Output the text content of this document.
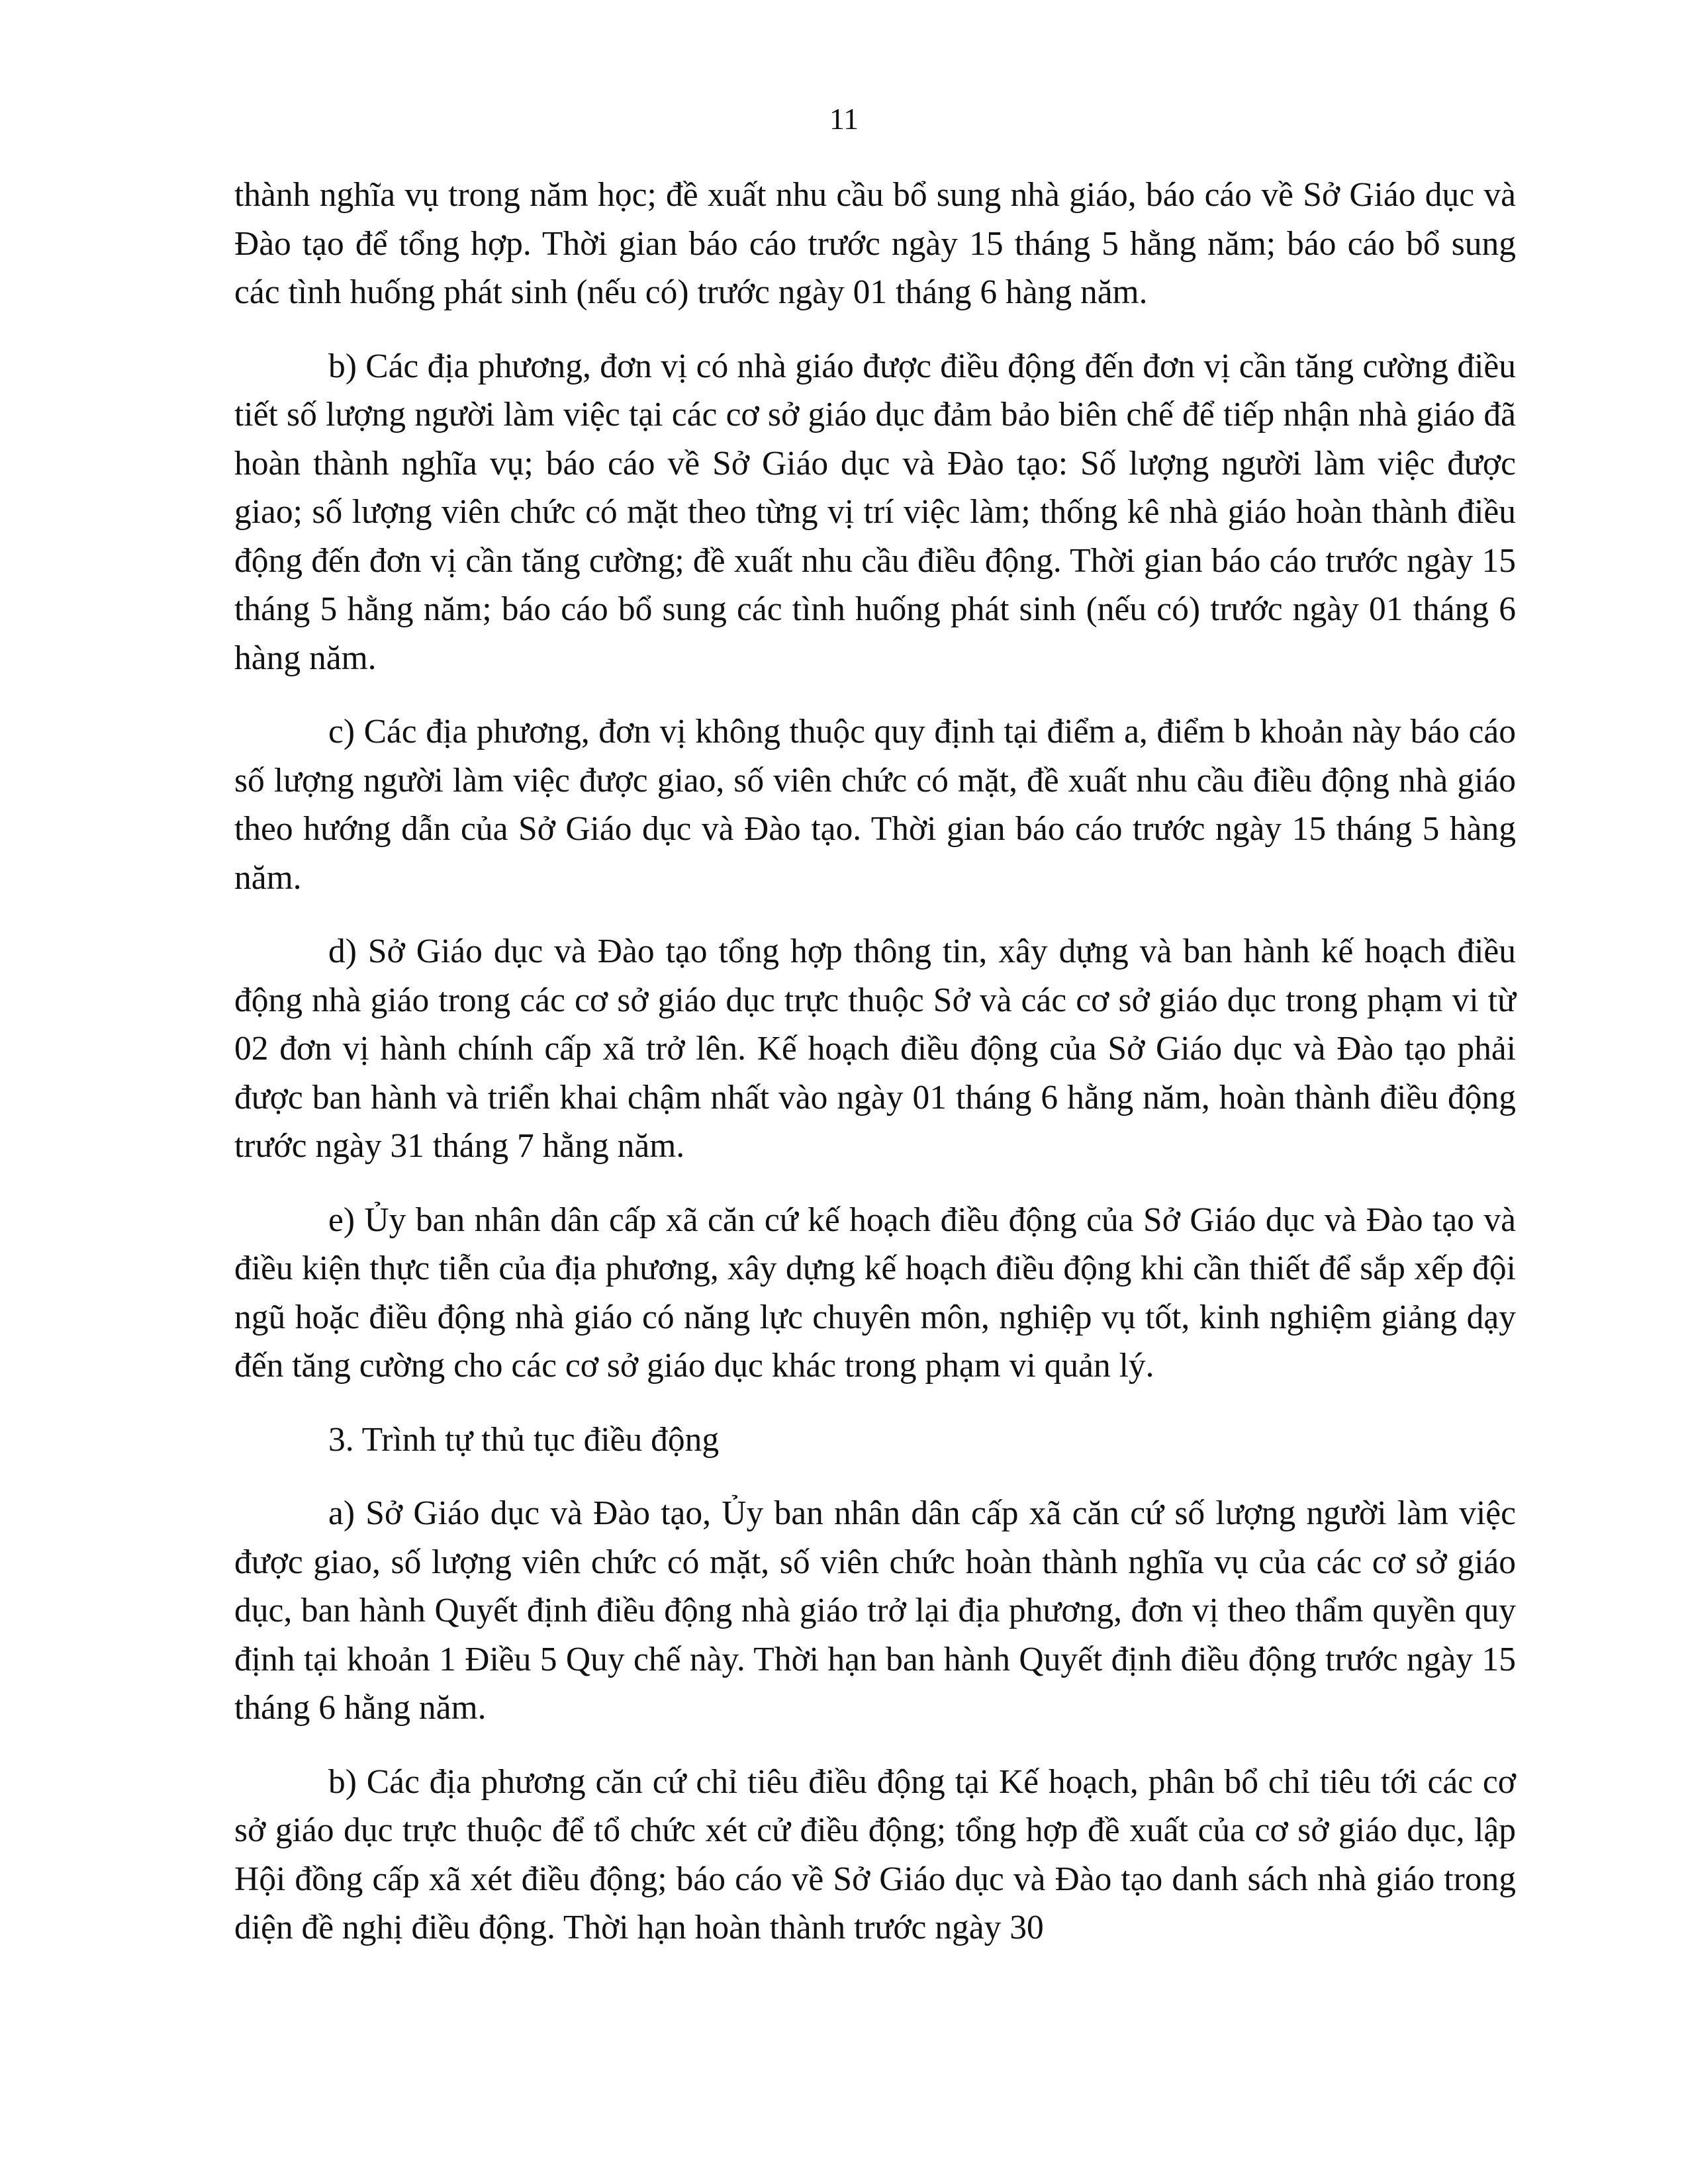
11

thành nghĩa vụ trong năm học; đề xuất nhu cầu bổ sung nhà giáo, báo cáo về Sở Giáo dục và Đào tạo để tổng hợp. Thời gian báo cáo trước ngày 15 tháng 5 hằng năm; báo cáo bổ sung các tình huống phát sinh (nếu có) trước ngày 01 tháng 6 hàng năm.

b) Các địa phương, đơn vị có nhà giáo được điều động đến đơn vị cần tăng cường điều tiết số lượng người làm việc tại các cơ sở giáo dục đảm bảo biên chế để tiếp nhận nhà giáo đã hoàn thành nghĩa vụ; báo cáo về Sở Giáo dục và Đào tạo: Số lượng người làm việc được giao; số lượng viên chức có mặt theo từng vị trí việc làm; thống kê nhà giáo hoàn thành điều động đến đơn vị cần tăng cường; đề xuất nhu cầu điều động. Thời gian báo cáo trước ngày 15 tháng 5 hằng năm; báo cáo bổ sung các tình huống phát sinh (nếu có) trước ngày 01 tháng 6 hàng năm.

c) Các địa phương, đơn vị không thuộc quy định tại điểm a, điểm b khoản này báo cáo số lượng người làm việc được giao, số viên chức có mặt, đề xuất nhu cầu điều động nhà giáo theo hướng dẫn của Sở Giáo dục và Đào tạo. Thời gian báo cáo trước ngày 15 tháng 5 hàng năm.

d) Sở Giáo dục và Đào tạo tổng hợp thông tin, xây dựng và ban hành kế hoạch điều động nhà giáo trong các cơ sở giáo dục trực thuộc Sở và các cơ sở giáo dục trong phạm vi từ 02 đơn vị hành chính cấp xã trở lên. Kế hoạch điều động của Sở Giáo dục và Đào tạo phải được ban hành và triển khai chậm nhất vào ngày 01 tháng 6 hằng năm, hoàn thành điều động trước ngày 31 tháng 7 hằng năm.

e) Ủy ban nhân dân cấp xã căn cứ kế hoạch điều động của Sở Giáo dục và Đào tạo và điều kiện thực tiễn của địa phương, xây dựng kế hoạch điều động khi cần thiết để sắp xếp đội ngũ hoặc điều động nhà giáo có năng lực chuyên môn, nghiệp vụ tốt, kinh nghiệm giảng dạy đến tăng cường cho các cơ sở giáo dục khác trong phạm vi quản lý.

3. Trình tự thủ tục điều động

a) Sở Giáo dục và Đào tạo, Ủy ban nhân dân cấp xã căn cứ số lượng người làm việc được giao, số lượng viên chức có mặt, số viên chức hoàn thành nghĩa vụ của các cơ sở giáo dục, ban hành Quyết định điều động nhà giáo trở lại địa phương, đơn vị theo thẩm quyền quy định tại khoản 1 Điều 5 Quy chế này. Thời hạn ban hành Quyết định điều động trước ngày 15 tháng 6 hằng năm.

b) Các địa phương căn cứ chỉ tiêu điều động tại Kế hoạch, phân bổ chỉ tiêu tới các cơ sở giáo dục trực thuộc để tổ chức xét cử điều động; tổng hợp đề xuất của cơ sở giáo dục, lập Hội đồng cấp xã xét điều động; báo cáo về Sở Giáo dục và Đào tạo danh sách nhà giáo trong diện đề nghị điều động. Thời hạn hoàn thành trước ngày 30
